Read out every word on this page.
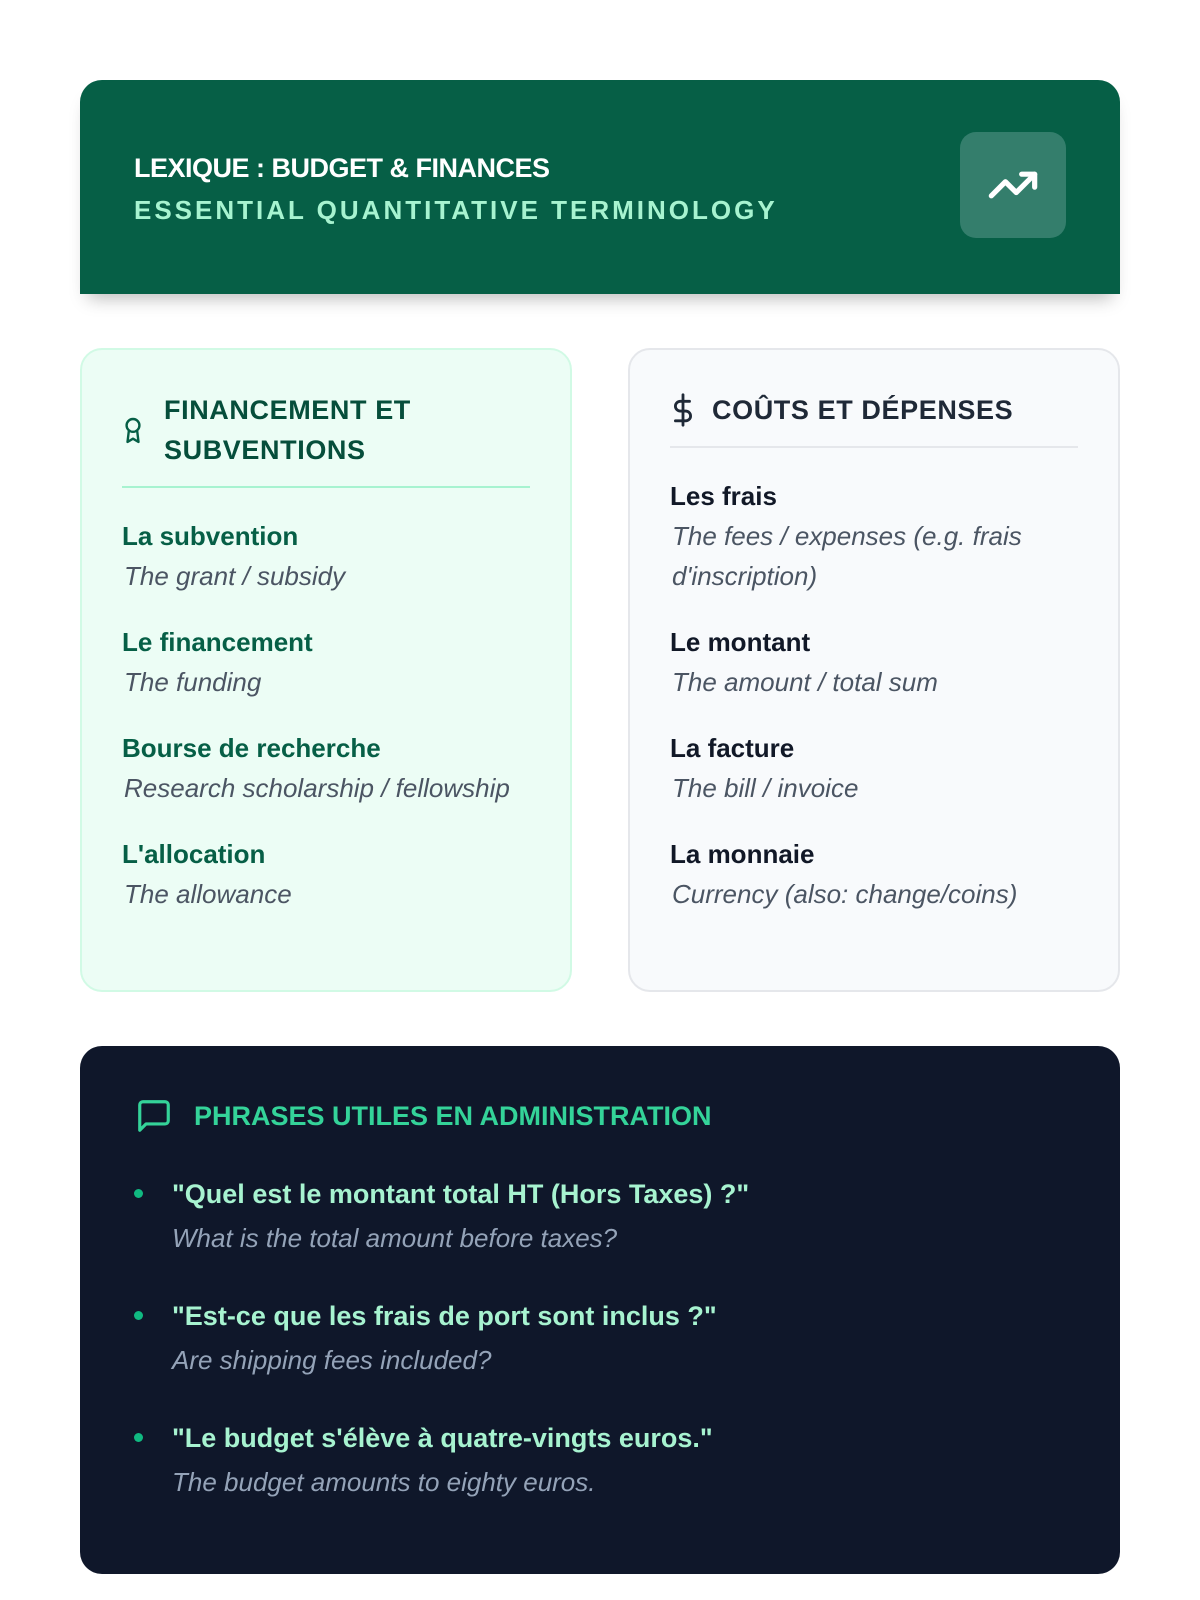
LEXIQUE : BUDGET & FINANCES
ESSENTIAL QUANTITATIVE TERMINOLOGY
FINANCEMENT ET SUBVENTIONS
La subvention
The grant / subsidy
Le financement
The funding
Bourse de recherche
Research scholarship / fellowship
L'allocation
The allowance
COÛTS ET DÉPENSES
Les frais
The fees / expenses (e.g. frais d'inscription)
Le montant
The amount / total sum
La facture
The bill / invoice
La monnaie
Currency (also: change/coins)
PHRASES UTILES EN ADMINISTRATION
"Quel est le montant total HT (Hors Taxes) ?"
What is the total amount before taxes?
"Est-ce que les frais de port sont inclus ?"
Are shipping fees included?
"Le budget s'élève à quatre-vingts euros."
The budget amounts to eighty euros.
